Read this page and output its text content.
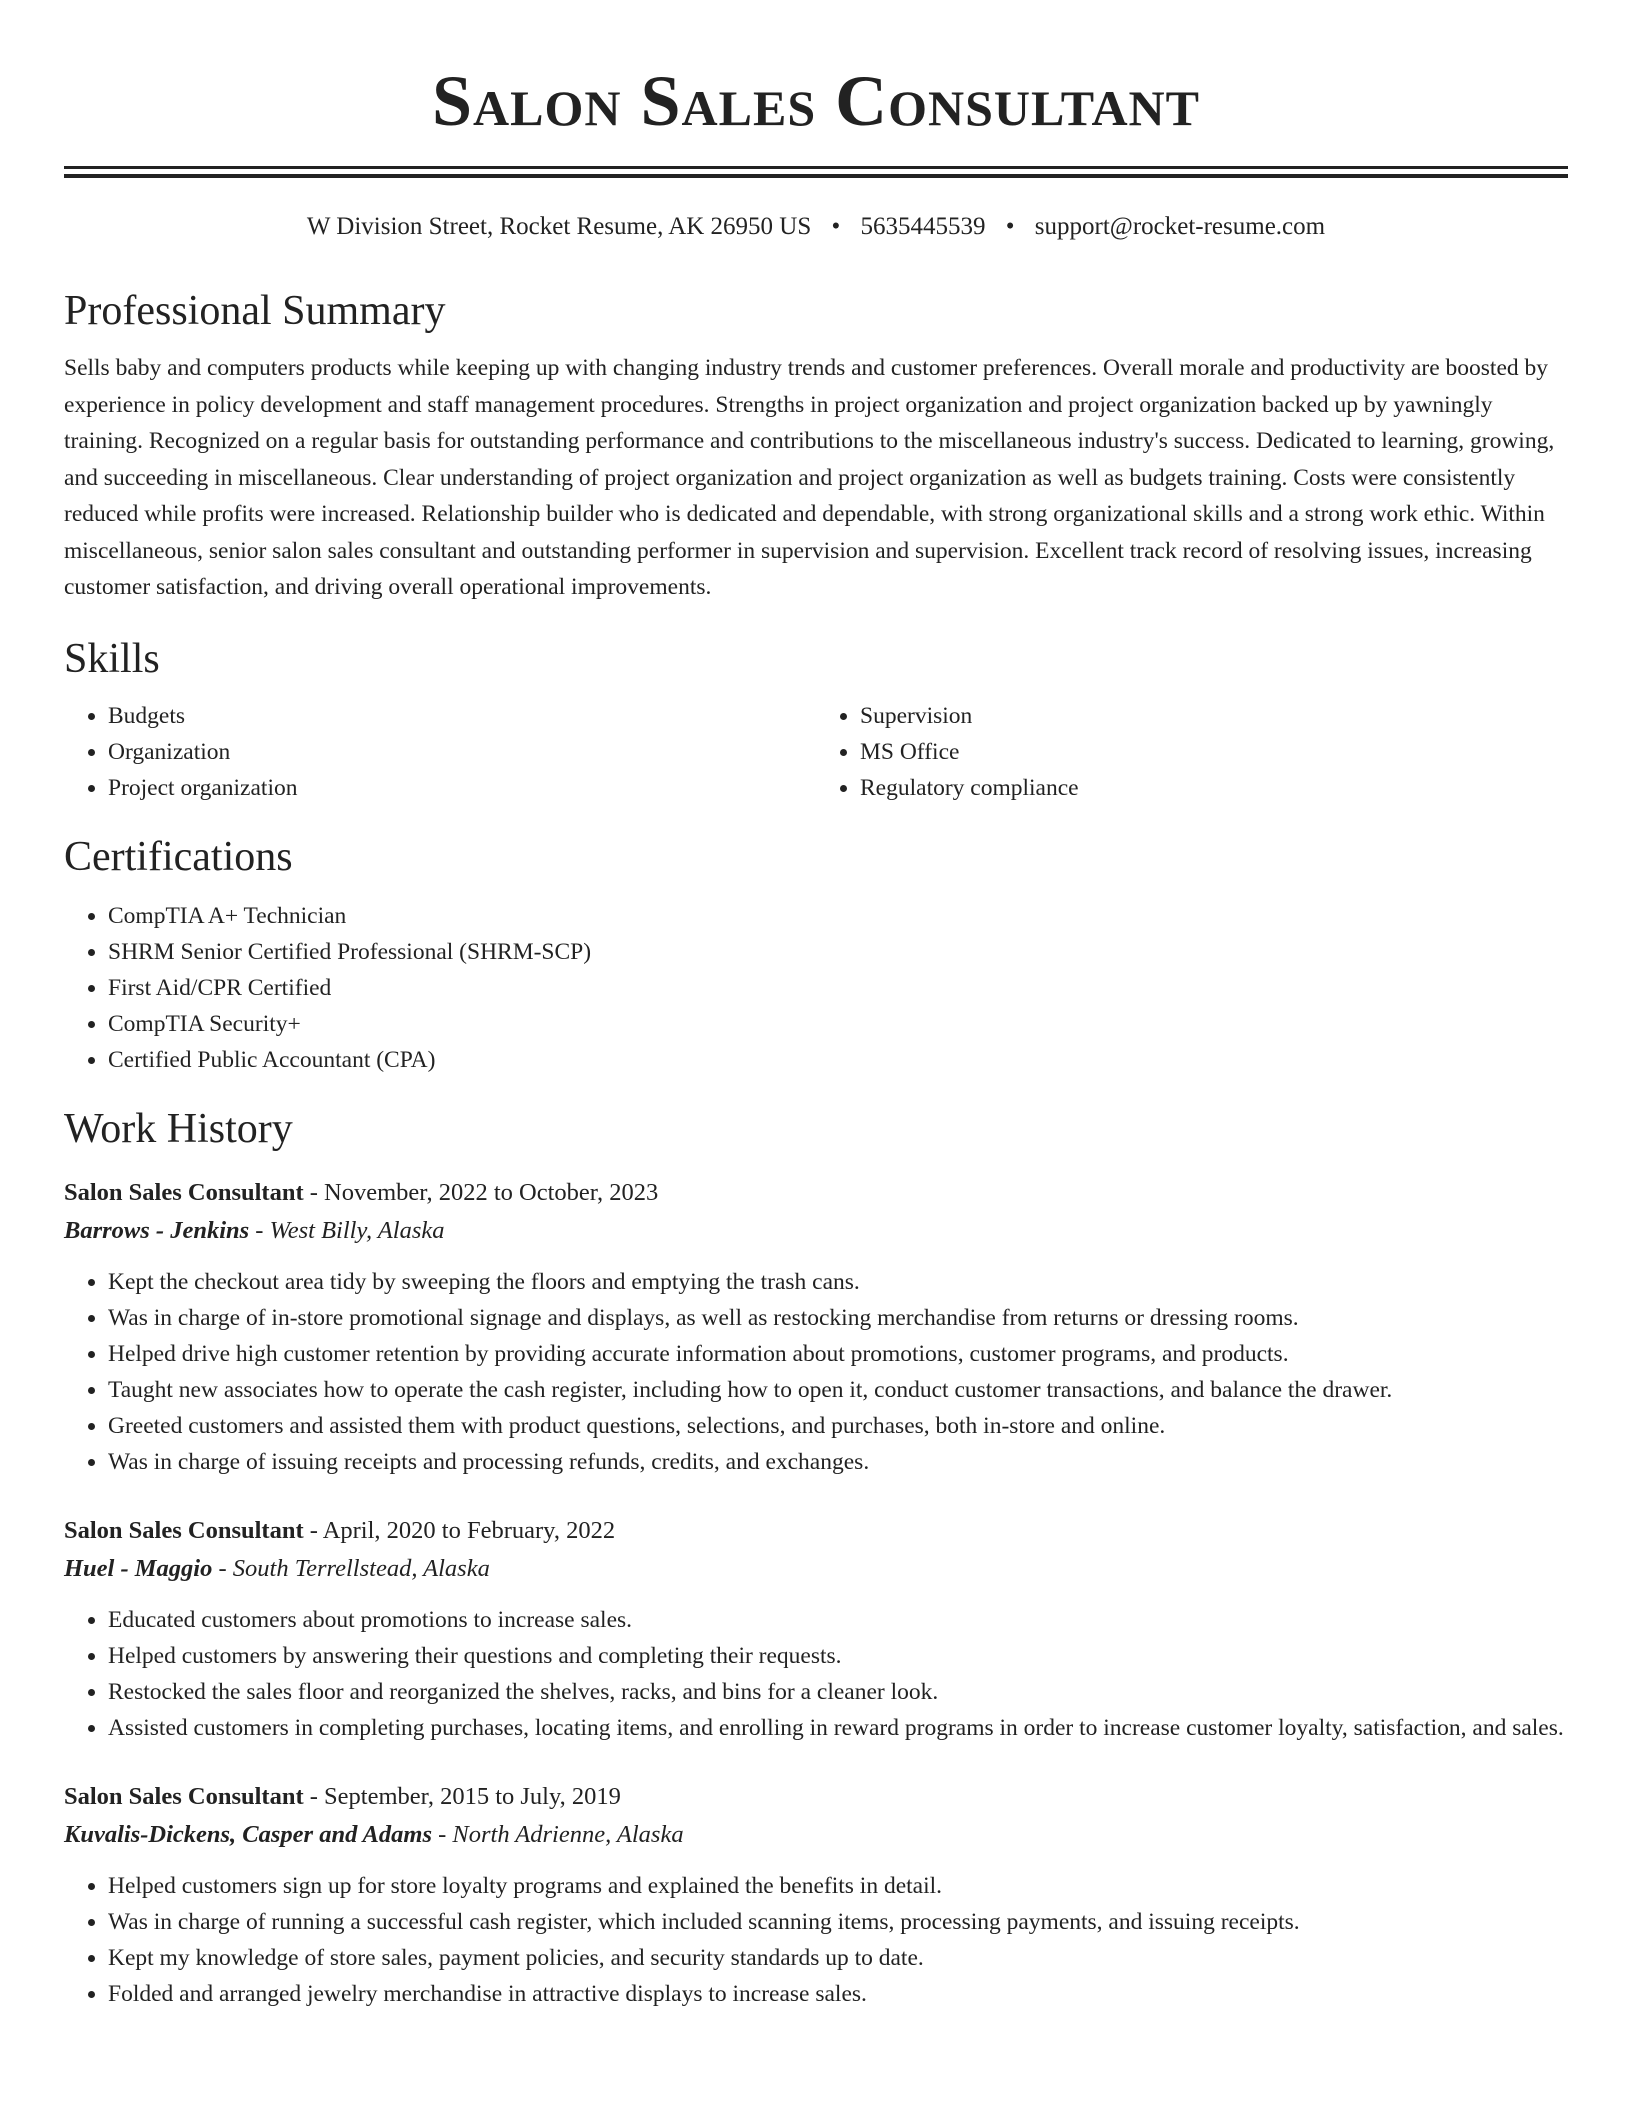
Salon Sales Consultant
W Division Street, Rocket Resume, AK 26950 US • 5635445539 • support@rocket-resume.com
Professional Summary
Sells baby and computers products while keeping up with changing industry trends and customer preferences. Overall morale and productivity are boosted by experience in policy development and staff management procedures. Strengths in project organization and project organization backed up by yawningly training. Recognized on a regular basis for outstanding performance and contributions to the miscellaneous industry's success. Dedicated to learning, growing, and succeeding in miscellaneous. Clear understanding of project organization and project organization as well as budgets training. Costs were consistently reduced while profits were increased. Relationship builder who is dedicated and dependable, with strong organizational skills and a strong work ethic. Within miscellaneous, senior salon sales consultant and outstanding performer in supervision and supervision. Excellent track record of resolving issues, increasing customer satisfaction, and driving overall operational improvements.
Skills
• Budgets
• Organization
• Project organization
• Supervision
• MS Office
• Regulatory compliance
Certifications
• CompTIA A+ Technician
• SHRM Senior Certified Professional (SHRM-SCP)
• First Aid/CPR Certified
• CompTIA Security+
• Certified Public Accountant (CPA)
Work History
Salon Sales Consultant - November, 2022 to October, 2023
Barrows - Jenkins - West Billy, Alaska
• Kept the checkout area tidy by sweeping the floors and emptying the trash cans.
• Was in charge of in-store promotional signage and displays, as well as restocking merchandise from returns or dressing rooms.
• Helped drive high customer retention by providing accurate information about promotions, customer programs, and products.
• Taught new associates how to operate the cash register, including how to open it, conduct customer transactions, and balance the drawer.
• Greeted customers and assisted them with product questions, selections, and purchases, both in-store and online.
• Was in charge of issuing receipts and processing refunds, credits, and exchanges.
Salon Sales Consultant - April, 2020 to February, 2022
Huel - Maggio - South Terrellstead, Alaska
• Educated customers about promotions to increase sales.
• Helped customers by answering their questions and completing their requests.
• Restocked the sales floor and reorganized the shelves, racks, and bins for a cleaner look.
• Assisted customers in completing purchases, locating items, and enrolling in reward programs in order to increase customer loyalty, satisfaction, and sales.
Salon Sales Consultant - September, 2015 to July, 2019
Kuvalis-Dickens, Casper and Adams - North Adrienne, Alaska
• Helped customers sign up for store loyalty programs and explained the benefits in detail.
• Was in charge of running a successful cash register, which included scanning items, processing payments, and issuing receipts.
• Kept my knowledge of store sales, payment policies, and security standards up to date.
• Folded and arranged jewelry merchandise in attractive displays to increase sales.
